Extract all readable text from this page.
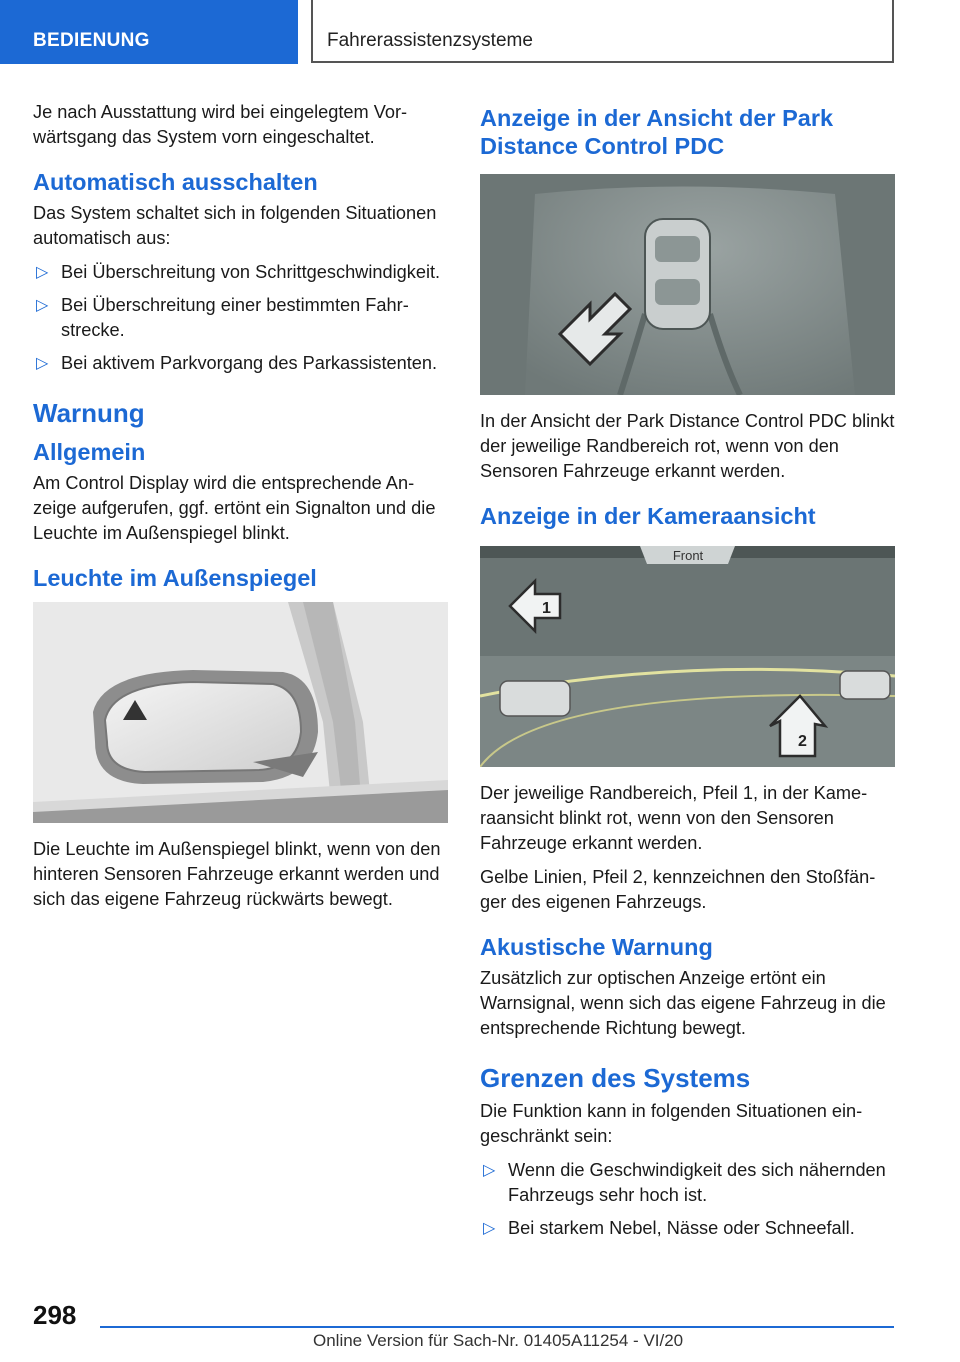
BEDIENUNG	Fahrerassistenzsysteme

Je nach Ausstattung wird bei eingelegtem Vorwärtsgang das System vorn eingeschaltet.

Automatisch ausschalten

Das System schaltet sich in folgenden Situationen automatisch aus:

▷ Bei Überschreitung von Schrittgeschwindigkeit.
▷ Bei Überschreitung einer bestimmten Fahrstrecke.
▷ Bei aktivem Parkvorgang des Parkassistenten.
Warnung
Allgemein

Am Control Display wird die entsprechende Anzeige aufgerufen, ggf. ertönt ein Signalton und die Leuchte im Außenspiegel blinkt.

Leuchte im Außenspiegel

Die Leuchte im Außenspiegel blinkt, wenn von den hinteren Sensoren Fahrzeuge erkannt werden und sich das eigene Fahrzeug rückwärts bewegt.

Anzeige in der Ansicht der Park Distance Control PDC

In der Ansicht der Park Distance Control PDC blinkt der jeweilige Randbereich rot, wenn von den Sensoren Fahrzeuge erkannt werden.

Anzeige in der Kameraansicht
Front
1
2

Der jeweilige Randbereich, Pfeil 1, in der Kameraansicht blinkt rot, wenn von den Sensoren Fahrzeuge erkannt werden.

Gelbe Linien, Pfeil 2, kennzeichnen den Stoßfänger des eigenen Fahrzeugs.

Akustische Warnung

Zusätzlich zur optischen Anzeige ertönt ein Warnsignal, wenn sich das eigene Fahrzeug in die entsprechende Richtung bewegt.

Grenzen des Systems

Die Funktion kann in folgenden Situationen eingeschränkt sein:

▷ Wenn die Geschwindigkeit des sich nähernden Fahrzeugs sehr hoch ist.
▷ Bei starkem Nebel, Nässe oder Schneefall.
298
Online Version für Sach-Nr. 01405A11254 - VI/20
